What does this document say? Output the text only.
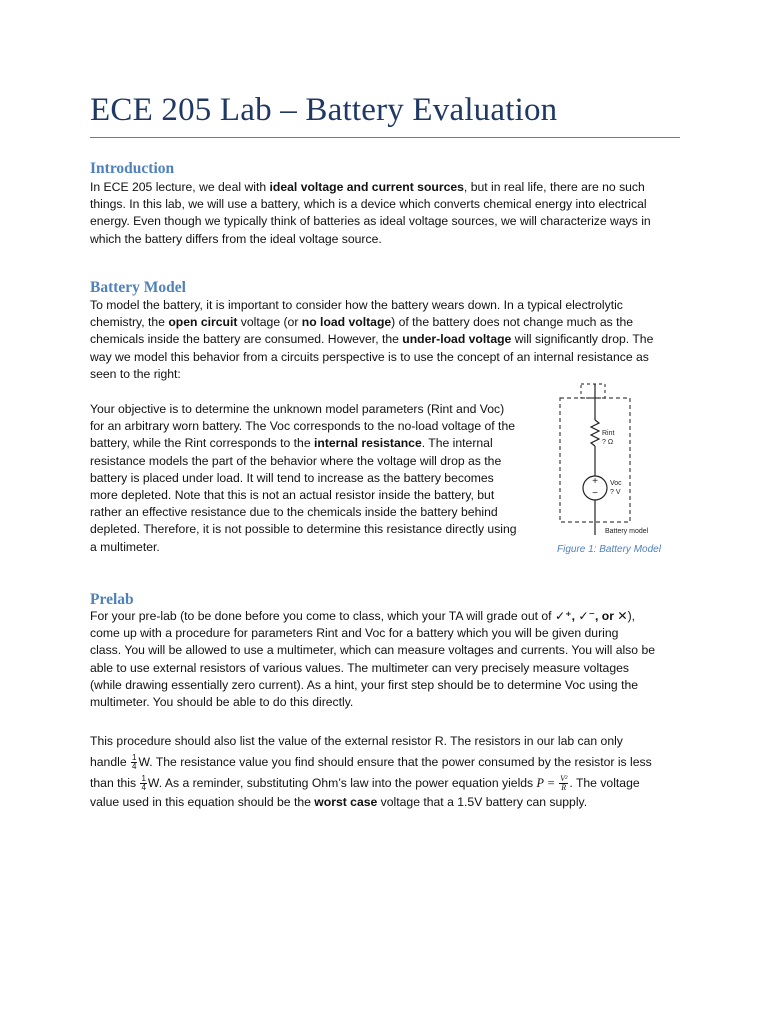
ECE 205 Lab – Battery Evaluation
Introduction
In ECE 205 lecture, we deal with ideal voltage and current sources, but in real life, there are no such
things. In this lab, we will use a battery, which is a device which converts chemical energy into electrical
energy. Even though we typically think of batteries as ideal voltage sources, we will characterize ways in
which the battery differs from the ideal voltage source.
Battery Model
To model the battery, it is important to consider how the battery wears down. In a typical electrolytic
chemistry, the open circuit voltage (or no load voltage) of the battery does not change much as the
chemicals inside the battery are consumed. However, the under-load voltage will significantly drop. The
way we model this behavior from a circuits perspective is to use the concept of an internal resistance as
seen to the right:
Your objective is to determine the unknown model parameters (Rint and Voc)
for an arbitrary worn battery. The Voc corresponds to the no-load voltage of the
battery, while the Rint corresponds to the internal resistance. The internal
resistance models the part of the behavior where the voltage will drop as the
battery is placed under load. It will tend to increase as the battery becomes
more depleted. Note that this is not an actual resistor inside the battery, but
rather an effective resistance due to the chemicals inside the battery behind
depleted. Therefore, it is not possible to determine this resistance directly using
a multimeter.
+
−
Rint
? Ω
Voc
? V
Battery model

Figure 1: Battery Model

Prelab
For your pre-lab (to be done before you come to class, which your TA will grade out of ✓⁺, ✓⁻, or ✕),
come up with a procedure for parameters Rint and Voc for a battery which you will be given during
class. You will be allowed to use a multimeter, which can measure voltages and currents. You will also be
able to use external resistors of various values. The multimeter can very precisely measure voltages
(while drawing essentially zero current). As a hint, your first step should be to determine Voc using the
multimeter. You should be able to do this directly.
This procedure should also list the value of the external resistor R. The resistors in our lab can only
handle $\frac{1}{4} W$. The resistance value you find should ensure that the power consumed by the resistor is less
than this $\frac{1}{4} W$. As a reminder, substituting Ohm’s law into the power equation yields $P = \frac{\text{V²}}{R}$ . The voltage
value used in this equation should be the worst case voltage that a 1.5V battery can supply.
